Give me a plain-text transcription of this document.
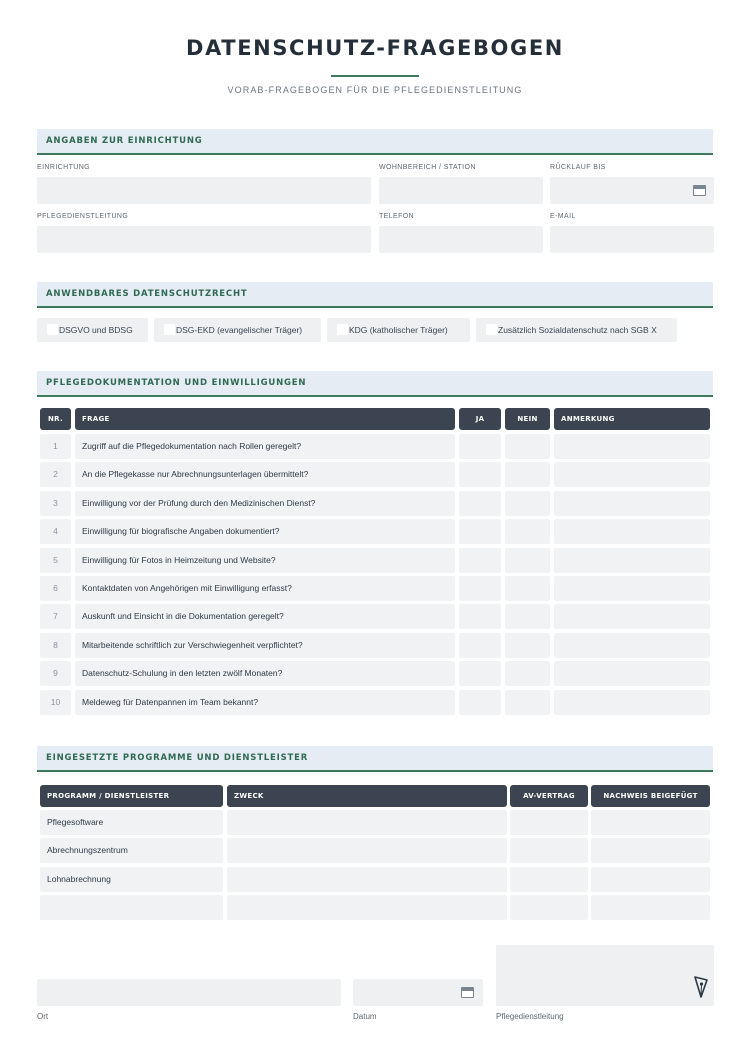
DATENSCHUTZ-FRAGEBOGEN
VORAB-FRAGEBOGEN FÜR DIE PFLEGEDIENSTLEITUNG
ANGABEN ZUR EINRICHTUNG
EINRICHTUNG	WOHNBEREICH / STATION	RÜCKLAUF BIS
PFLEGEDIENSTLEITUNG	TELEFON	E-MAIL
ANWENDBARES DATENSCHUTZRECHT
DSGVO und BDSG	DSG-EKD (evangelischer Träger)	KDG (katholischer Träger)	Zusätzlich Sozialdatenschutz nach SGB X
PFLEGEDOKUMENTATION UND EINWILLIGUNGEN
NR.	FRAGE	JA	NEIN	ANMERKUNG
1	Zugriff auf die Pflegedokumentation nach Rollen geregelt?
2	An die Pflegekasse nur Abrechnungsunterlagen übermittelt?
3	Einwilligung vor der Prüfung durch den Medizinischen Dienst?
4	Einwilligung für biografische Angaben dokumentiert?
5	Einwilligung für Fotos in Heimzeitung und Website?
6	Kontaktdaten von Angehörigen mit Einwilligung erfasst?
7	Auskunft und Einsicht in die Dokumentation geregelt?
8	Mitarbeitende schriftlich zur Verschwiegenheit verpflichtet?
9	Datenschutz-Schulung in den letzten zwölf Monaten?
10	Meldeweg für Datenpannen im Team bekannt?
EINGESETZTE PROGRAMME UND DIENSTLEISTER
PROGRAMM / DIENSTLEISTER	ZWECK	AV-VERTRAG	NACHWEIS BEIGEFÜGT
Pflegesoftware
Abrechnungszentrum
Lohnabrechnung
Ort	Datum	Pflegedienstleitung
